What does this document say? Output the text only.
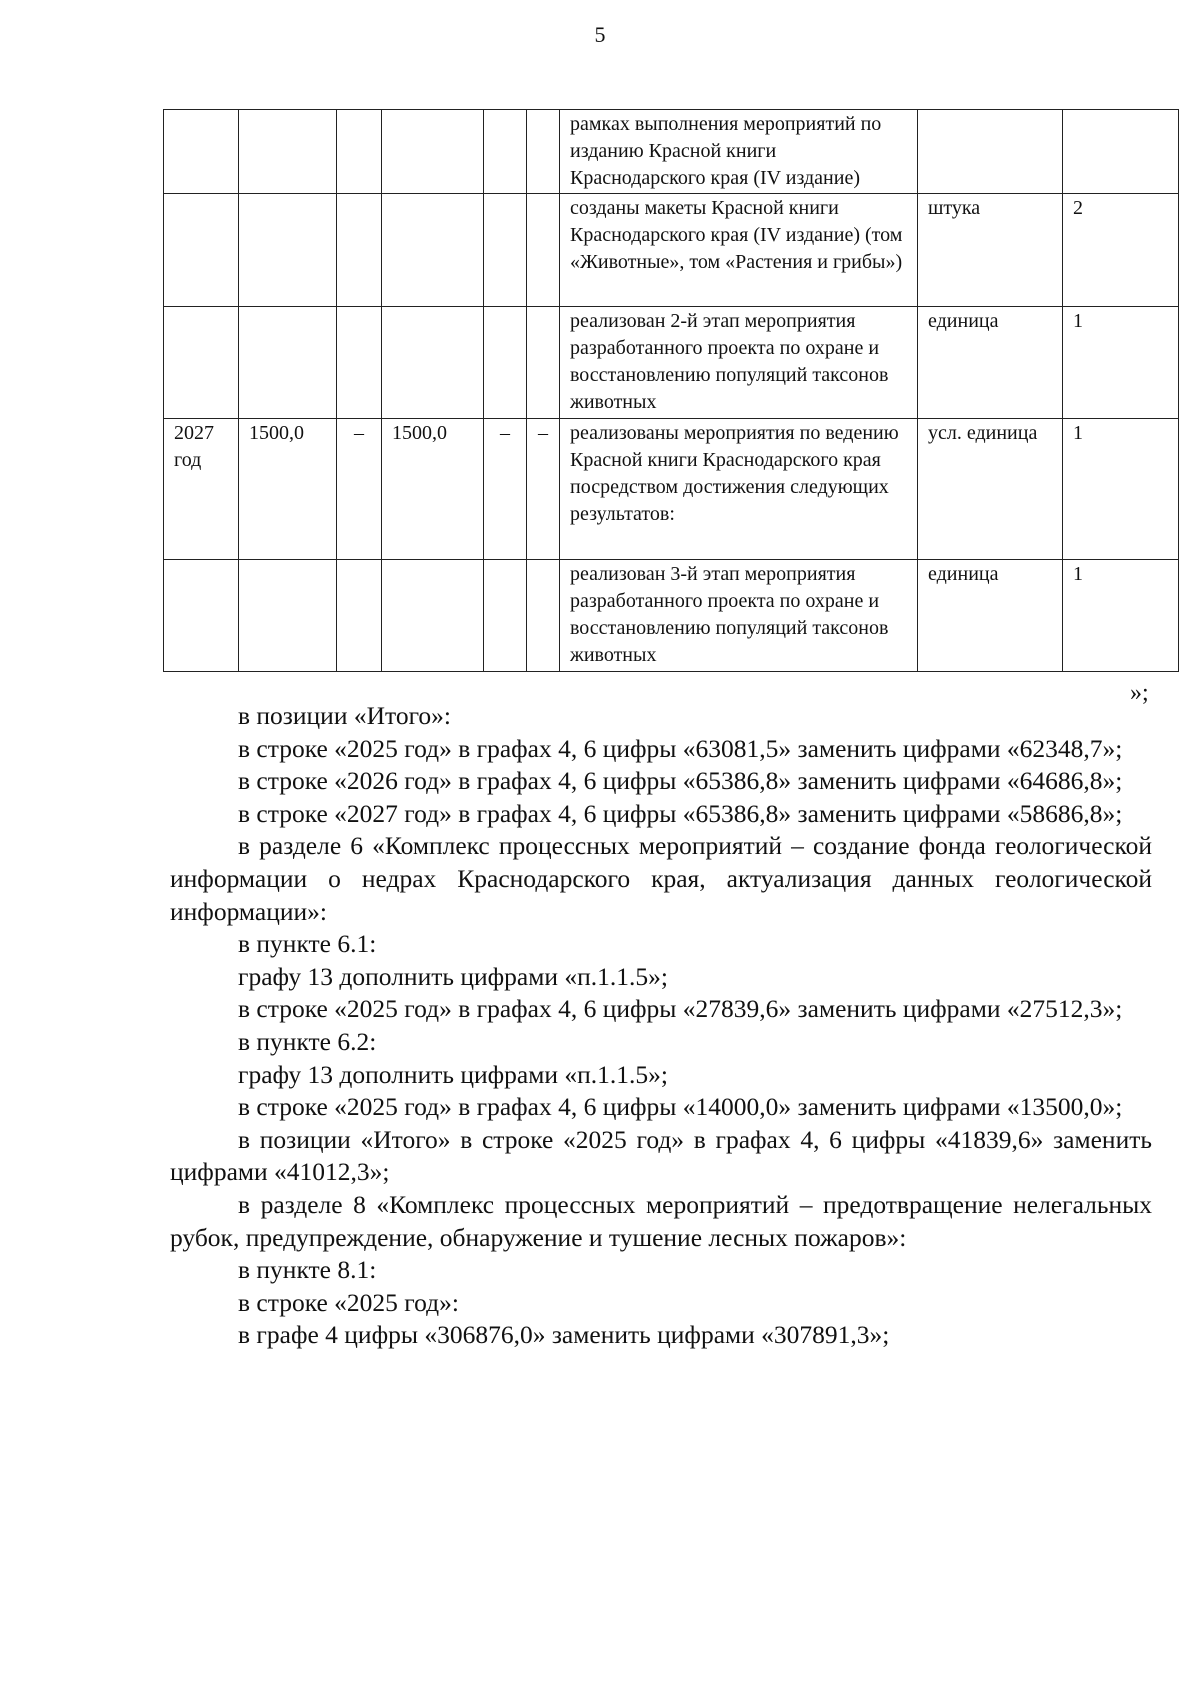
5
						рамках выполнения мероприятий по изданию Красной книги Краснодарского края (IV издание)		
						созданы макеты Красной книги Краснодарского края (IV издание) (том «Животные», том «Растения и грибы»)	штука	2
						реализован 2-й этап мероприятия разработанного проекта по охране и восстановлению популяций таксонов животных	единица	1
2027 год	1500,0	–	1500,0	–	–	реализованы мероприятия по ведению Красной книги Краснодарского края посредством достижения следующих результатов:	усл. единица	1
						реализован 3-й этап мероприятия разработанного проекта по охране и восстановлению популяций таксонов животных	единица	1
»;

в позиции «Итого»:

в строке «2025 год» в графах 4, 6 цифры «63081,5» заменить цифрами «62348,7»;

в строке «2026 год» в графах 4, 6 цифры «65386,8» заменить цифрами «64686,8»;

в строке «2027 год» в графах 4, 6 цифры «65386,8» заменить цифрами «58686,8»;

в разделе 6 «Комплекс процессных мероприятий – создание фонда геологической информации о недрах Краснодарского края, актуализация данных геологической информации»:

в пункте 6.1:

графу 13 дополнить цифрами «п.1.1.5»;

в строке «2025 год» в графах 4, 6 цифры «27839,6» заменить цифрами «27512,3»;

в пункте 6.2:

графу 13 дополнить цифрами «п.1.1.5»;

в строке «2025 год» в графах 4, 6 цифры «14000,0» заменить цифрами «13500,0»;

в позиции «Итого» в строке «2025 год» в графах 4, 6 цифры «41839,6» заменить цифрами «41012,3»;

в разделе 8 «Комплекс процессных мероприятий – предотвращение нелегальных рубок, предупреждение, обнаружение и тушение лесных пожаров»:

в пункте 8.1:

в строке «2025 год»:

в графе 4 цифры «306876,0» заменить цифрами «307891,3»;
